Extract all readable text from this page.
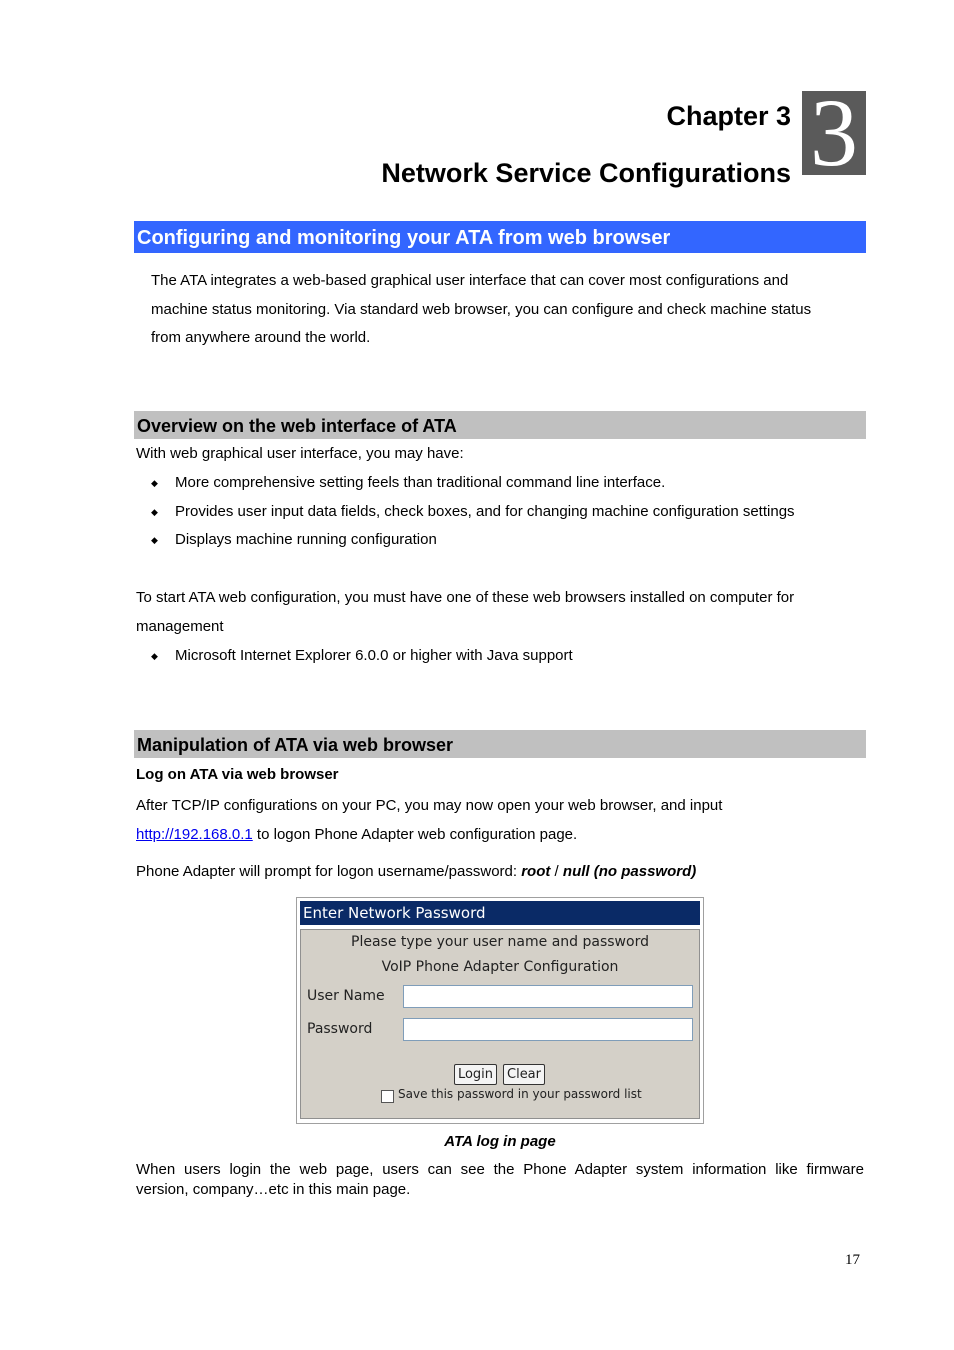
Chapter 3
Network Service Configurations 3
Configuring and monitoring your ATA from web browser
The ATA integrates a web-based graphical user interface that can cover most configurations and
machine status monitoring. Via standard web browser, you can configure and check machine status
from anywhere around the world.
Overview on the web interface of ATA
With web graphical user interface, you may have:
◆ More comprehensive setting feels than traditional command line interface.
◆ Provides user input data fields, check boxes, and for changing machine configuration settings
◆ Displays machine running configuration
To start ATA web configuration, you must have one of these web browsers installed on computer for
management
◆ Microsoft Internet Explorer 6.0.0 or higher with Java support
Manipulation of ATA via web browser
Log on ATA via web browser
After TCP/IP configurations on your PC, you may now open your web browser, and input
http://192.168.0.1 to logon Phone Adapter web configuration page.
Phone Adapter will prompt for logon username/password: root / null (no password)
Enter Network Password
Please type your user name and password
VoIP Phone Adapter Configuration
User Name
Password
Login	Clear
Save this password in your password list
ATA log in page
When users login the web page, users can see the Phone Adapter system information like firmware
version, company…etc in this main page.
17
